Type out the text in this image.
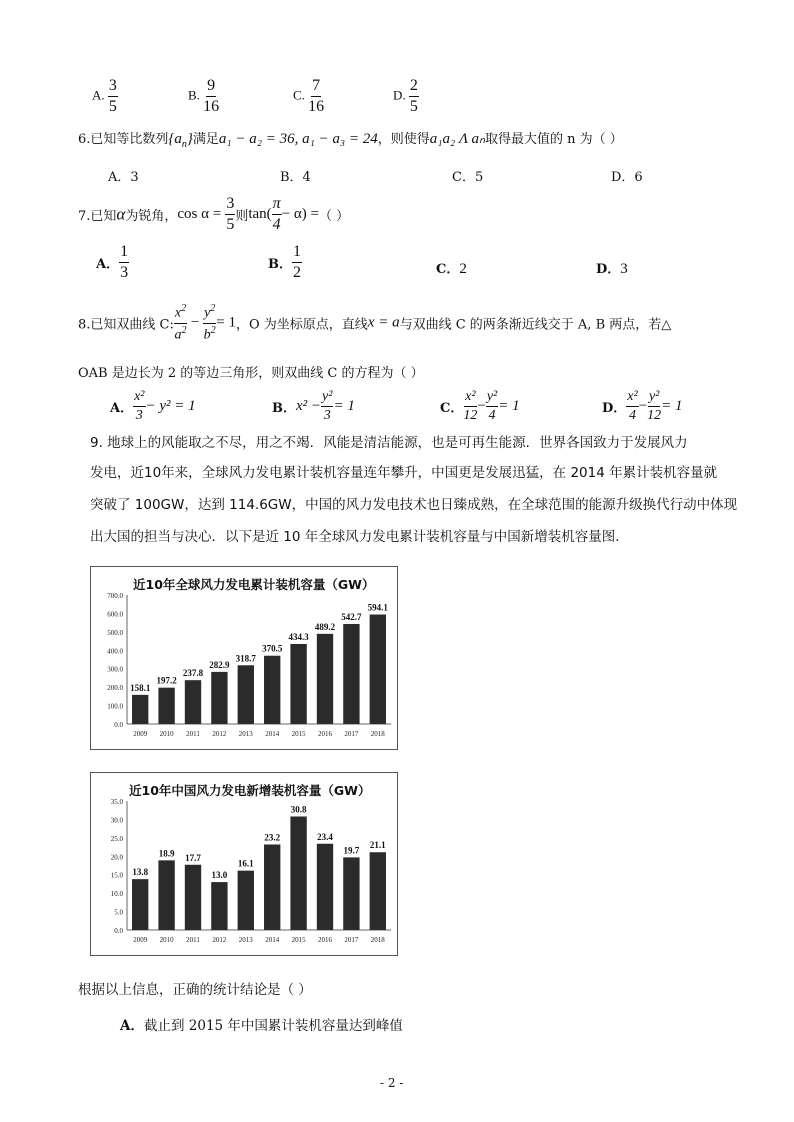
A. $\frac{3}{5}$	B. $\frac{9}{16}$	C. $\frac{7}{16}$	D. $\frac{2}{5}$
6.已知等比数列$\{a_n\}$满足a₁ − a₂ = 36, a₁ − a₃ = 24，则使得a₁a₂ Λ aₙ取得最大值的 n 为（ ）
A．3	B．4	C．5	D．6
7.已知α为锐角，$\cos \alpha = \frac{3}{5}$ 则$\tan( \frac{\pi}{4} - \alpha)$ =（ ）
A． $\frac{1}{3}$	B． $\frac{1}{2}$	C．2	D．3
8.已知双曲线 C: $\frac{x^2}{a^2} - \frac{y^2}{b^2} = 1$，O 为坐标原点，直线x = a与双曲线 C 的两条渐近线交于 A, B 两点，若△
OAB 是边长为 2 的等边三角形，则双曲线 C 的方程为（ ）
A． $\frac{\text{x²}}{3} - y^2 = 1$	B．$x^2 - \frac{\text{y²}}{3} = 1$	C． $\frac{\text{x²}}{12} - \frac{\text{y²}}{4} = 1$	D． $\frac{\text{x²}}{4} - \frac{\text{y²}}{12} = 1$
9. 地球上的风能取之不尽，用之不竭．风能是清洁能源，也是可再生能源．世界各国致力于发展风力
发电，近10年来，全球风力发电累计装机容量连年攀升，中国更是发展迅猛，在 2014 年累计装机容量就
突破了 100GW，达到 114.6GW，中国的风力发电技术也日臻成熟，在全球范围的能源升级换代行动中体现
出大国的担当与决心．以下是近 10 年全球风力发电累计装机容量与中国新增装机容量图．
近10年全球风力发电累计装机容量（GW）
0.0
100.0
200.0
300.0
400.0
500.0
600.0
700.0
158.1
2009
197.2
2010
237.8
2011
282.9
2012
318.7
2013
370.5
2014
434.3
2015
489.2
2016
542.7
2017
594.1
2018
近10年中国风力发电新增装机容量（GW）
0.0
5.0
10.0
15.0
20.0
25.0
30.0
35.0
13.8
2009
18.9
2010
17.7
2011
13.0
2012
16.1
2013
23.2
2014
30.8
2015
23.4
2016
19.7
2017
21.1
2018
根据以上信息，正确的统计结论是（ ）
A．截止到 2015 年中国累计装机容量达到峰值
- 2 -
